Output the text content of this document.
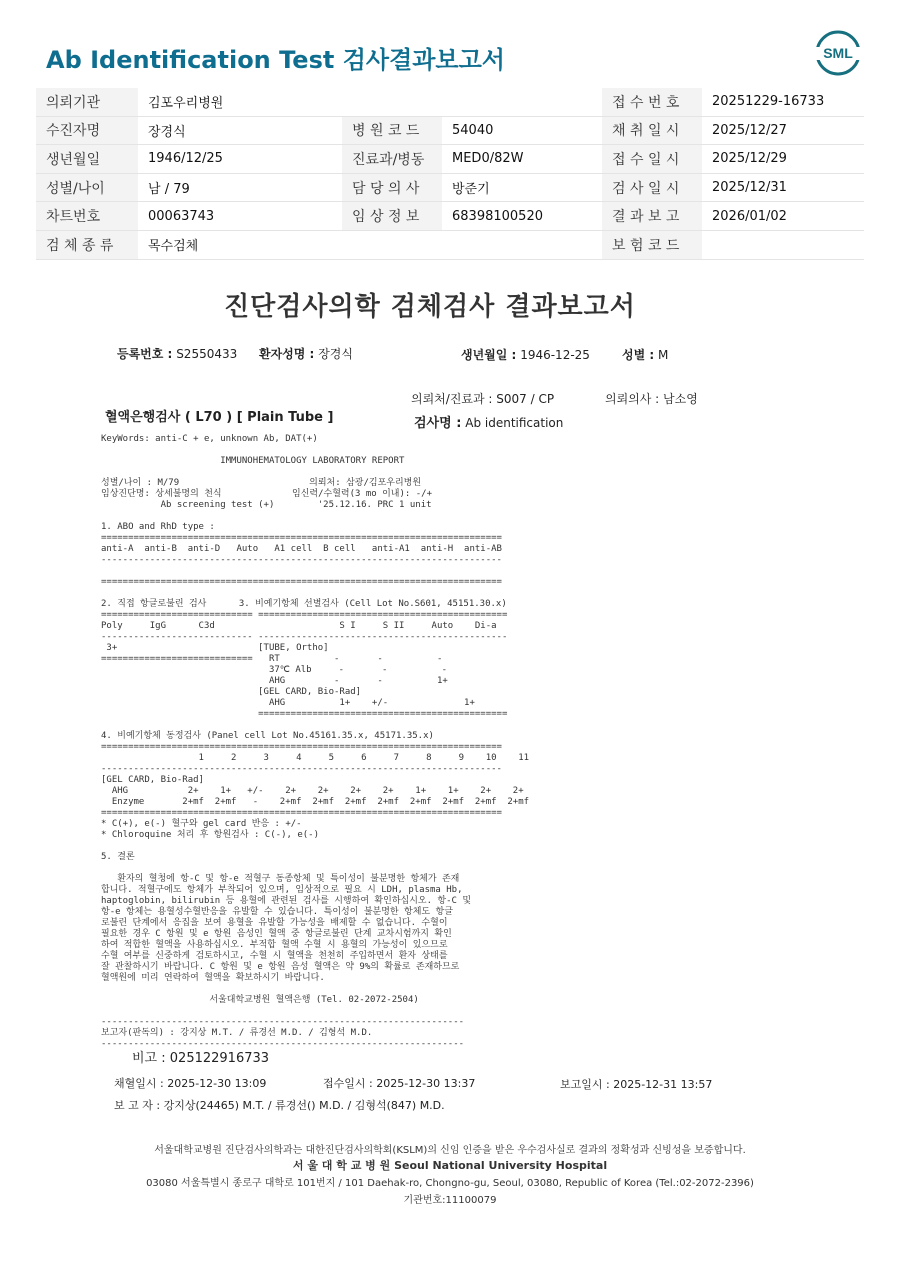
Ab Identification Test 검사결과보고서	SML
의뢰기관	김포우리병원			접 수 번 호	20251229-16733
수진자명	장경식	병 원 코 드	54040	채 취 일 시	2025/12/27
생년월일	1946/12/25	진료과/병동	MED0/82W	접 수 일 시	2025/12/29
성별/나이	남 / 79	담 당 의 사	방준기	검 사 일 시	2025/12/31
차트번호	00063743	임 상 정 보	68398100520	결 과 보 고	2026/01/02
검 체 종 류	목수검체			보 험 코 드	
진단검사의학 검체검사 결과보고서
등록번호 : S2550433 환자성명 : 장경식	생년월일 : 1946-12-25	성별 : M
의뢰처/진료과 : S007 / CP	의뢰의사 : 남소영
혈액은행검사 ( L70 ) [ Plain Tube ]	검사명 : Ab identification
KeyWords: anti-C + e, unknown Ab, DAT(+)

IMMUNOHEMATOLOGY LABORATORY REPORT

성별/나이 : M/79                        의뢰처: 삼광/김포우리병원
임상진단명: 상세불명의 천식             임신력/수혈력(3 mo 이내): -/+
Ab screening test (+)        '25.12.16. PRC 1 unit

1. ABO and RhD type :
==========================================================================
anti-A  anti-B  anti-D   Auto   A1 cell  B cell   anti-A1  anti-H  anti-AB
--------------------------------------------------------------------------

==========================================================================

2. 직접 항글로불린 검사      3. 비예기항체 선별검사 (Cell Lot No.S601, 45151.30.x)
============================ ==============================================
Poly     IgG      C3d                       S I     S II     Auto    Di-a
---------------------------- ----------------------------------------------
3+                          [TUBE, Ortho]
============================   RT          -       -          -
37℃ Alb     -       -          -
AHG         -       -          1+
[GEL CARD, Bio-Rad]
AHG          1+    +/-              1+
==============================================

4. 비예기항체 동정검사 (Panel cell Lot No.45161.35.x, 45171.35.x)
==========================================================================
1     2     3     4     5     6     7     8     9    10    11
--------------------------------------------------------------------------
[GEL CARD, Bio-Rad]
AHG           2+    1+   +/-    2+    2+    2+    2+    1+    1+    2+    2+
Enzyme       2+mf  2+mf   -    2+mf  2+mf  2+mf  2+mf  2+mf  2+mf  2+mf  2+mf
==========================================================================
* C(+), e(-) 혈구와 gel card 반응 : +/-
* Chloroquine 처리 후 항원검사 : C(-), e(-)

5. 결론

환자의 혈청에 항-C 및 항-e 적혈구 동종항체 및 특이성이 불분명한 항체가 존재
합니다. 적혈구에도 항체가 부착되어 있으며, 임상적으로 필요 시 LDH, plasma Hb,
haptoglobin, bilirubin 등 용혈에 관련된 검사를 시행하여 확인하십시오. 항-C 및
항-e 항체는 용혈성수혈반응을 유발할 수 있습니다. 특이성이 불분명한 항체도 항글
로불린 단계에서 응집을 보여 용혈을 유발할 가능성을 배제할 수 없습니다. 수혈이
필요한 경우 C 항원 및 e 항원 음성인 혈액 중 항글로불린 단계 교차시험까지 확인
하여 적합한 혈액을 사용하십시오. 부적합 혈액 수혈 시 용혈의 가능성이 있으므로
수혈 여부를 신중하게 검토하시고, 수혈 시 혈액을 천천히 주입하면서 환자 상태를
잘 관찰하시기 바랍니다. C 항원 및 e 항원 음성 혈액은 약 9%의 확률로 존재하므로
혈액원에 미리 연락하여 혈액을 확보하시기 바랍니다.

서울대학교병원 혈액은행 (Tel. 02-2072-2504)

-------------------------------------------------------------------
보고자(판독의) : 강지상 M.T. / 류경선 M.D. / 김형석 M.D.
-------------------------------------------------------------------
비고 : 025122916733
채혈일시 : 2025-12-30 13:09	접수일시 : 2025-12-30 13:37	보고일시 : 2025-12-31 13:57
보 고 자 : 강지상(24465) M.T. / 류경선() M.D. / 김형석(847) M.D.
서울대학교병원 진단검사의학과는 대한진단검사의학회(KSLM)의 신임 인증을 받은 우수검사실로 결과의 정확성과 신빙성을 보증합니다.
서 울 대 학 교 병 원 Seoul National University Hospital
03080 서울특별시 종로구 대학로 101번지 / 101 Daehak-ro, Chongno-gu, Seoul, 03080, Republic of Korea (Tel.:02-2072-2396)
기관번호:11100079
